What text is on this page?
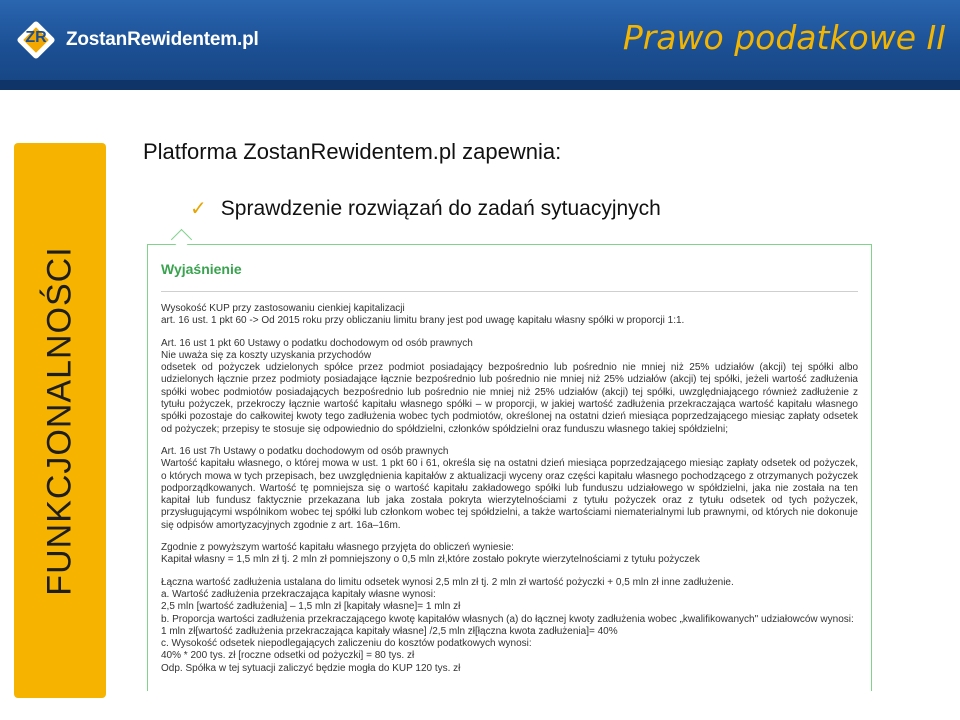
ZR	ZostanRewidentem.pl	Prawo podatkowe II
FUNKCJONALNOŚCI
Platforma ZostanRewidentem.pl zapewnia:
✓ Sprawdzenie rozwiązań do zadań sytuacyjnych
Wyjaśnienie

Wysokość KUP przy zastosowaniu cienkiej kapitalizacji
art. 16 ust. 1 pkt 60 -> Od 2015 roku przy obliczaniu limitu brany jest pod uwagę kapitału własny spółki w proporcji 1:1.

Art. 16 ust 1 pkt 60 Ustawy o podatku dochodowym od osób prawnych
Nie uważa się za koszty uzyskania przychodów
odsetek od pożyczek udzielonych spółce przez podmiot posiadający bezpośrednio lub pośrednio nie mniej niż 25% udziałów (akcji) tej spółki albo udzielonych łącznie przez podmioty posiadające łącznie bezpośrednio lub pośrednio nie mniej niż 25% udziałów (akcji) tej spółki, jeżeli wartość zadłużenia spółki wobec podmiotów posiadających bezpośrednio lub pośrednio nie mniej niż 25% udziałów (akcji) tej spółki, uwzględniającego również zadłużenie z tytułu pożyczek, przekroczy łącznie wartość kapitału własnego spółki – w proporcji, w jakiej wartość zadłużenia przekraczająca wartość kapitału własnego spółki pozostaje do całkowitej kwoty tego zadłużenia wobec tych podmiotów, określonej na ostatni dzień miesiąca poprzedzającego miesiąc zapłaty odsetek od pożyczek; przepisy te stosuje się odpowiednio do spółdzielni, członków spółdzielni oraz funduszu własnego takiej spółdzielni;

Art. 16 ust 7h Ustawy o podatku dochodowym od osób prawnych
Wartość kapitału własnego, o której mowa w ust. 1 pkt 60 i 61, określa się na ostatni dzień miesiąca poprzedzającego miesiąc zapłaty odsetek od pożyczek, o których mowa w tych przepisach, bez uwzględnienia kapitałów z aktualizacji wyceny oraz części kapitału własnego pochodzącego z otrzymanych pożyczek podporządkowanych. Wartość tę pomniejsza się o wartość kapitału zakładowego spółki lub funduszu udziałowego w spółdzielni, jaka nie została na ten kapitał lub fundusz faktycznie przekazana lub jaka została pokryta wierzytelnościami z tytułu pożyczek oraz z tytułu odsetek od tych pożyczek, przysługującymi wspólnikom wobec tej spółki lub członkom wobec tej spółdzielni, a także wartościami niematerialnymi lub prawnymi, od których nie dokonuje się odpisów amortyzacyjnych zgodnie z art. 16a–16m.

Zgodnie z powyższym wartość kapitału własnego przyjęta do obliczeń wyniesie:
Kapitał własny = 1,5 mln zł tj. 2 mln zł pomniejszony o 0,5 mln zł,które zostało pokryte wierzytelnościami z tytułu pożyczek

Łączna wartość zadłużenia ustalana do limitu odsetek wynosi 2,5 mln zł tj. 2 mln zł wartość pożyczki + 0,5 mln zł inne zadłużenie.
a. Wartość zadłużenia przekraczająca kapitały własne wynosi:
2,5 mln [wartość zadłużenia] – 1,5 mln zł [kapitały własne]= 1 mln zł
b. Proporcja wartości zadłużenia przekraczającego kwotę kapitałów własnych (a) do łącznej kwoty zadłużenia wobec „kwalifikowanych" udziałowców wynosi:
1 mln zł[wartość zadłużenia przekraczająca kapitały własne] /2,5 mln zł[łączna kwota zadłużenia]= 40%
c. Wysokość odsetek niepodlegających zaliczeniu do kosztów podatkowych wynosi:
40% * 200 tys. zł [roczne odsetki od pożyczki] = 80 tys. zł
Odp. Spółka w tej sytuacji zaliczyć będzie mogła do KUP 120 tys. zł
